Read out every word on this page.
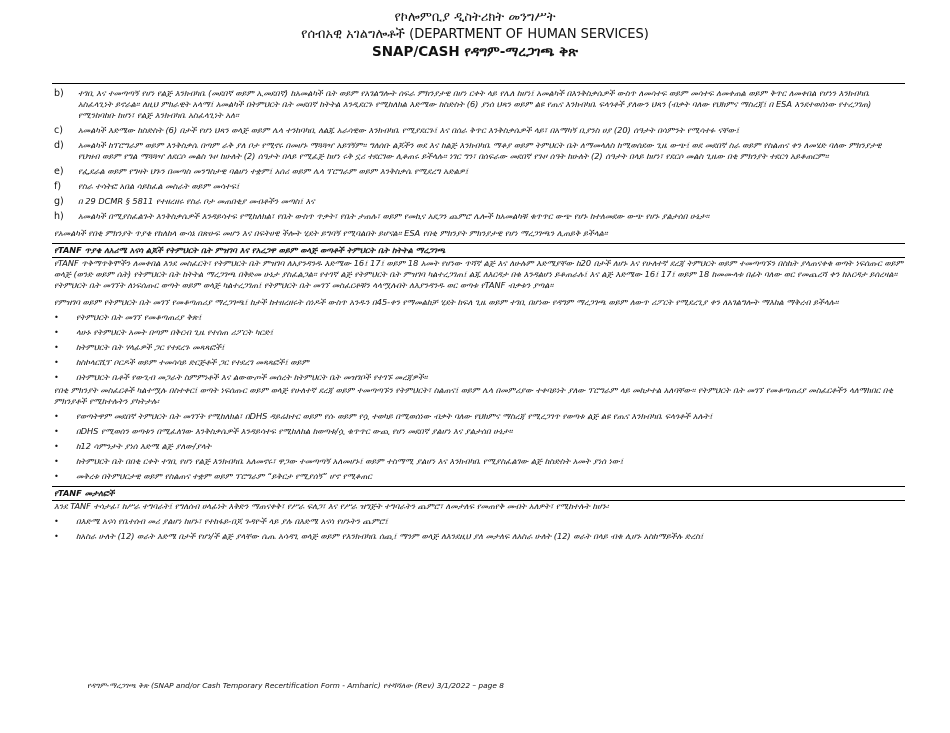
የኮሎምቢያ ዲስትሪክት መንግሥት
የሰብአዊ አገልግሎቶች (DEPARTMENT OF HUMAN SERVICES)
SNAP/CASH የዳግም-ማረጋገጫ ቅጽ
b)	ተገቢ እና ተመጣጣኝ የሆነ የልጅ እንክብካቤ (መደበኛ ወይም ኢመደበኛ) ከአመልካች ቤት ወይም የአገልግሎት ሰፍራ ምክንያታዊ በሆነ ርቀት ላይ የሌለ ከሆነ፤ አመልካች በእንቅስቃሴዎች ውስጥ ለመሳተፍ ወይም መሳተፍ ለመቀጠል ወይም ቅጥር ለመቀበል የሆነን እንክብካቤ አስፈላጊነት ይኖራል። ለዚህ ምክራዊት አላማ፤ አመልካች በትምህርት ቤት መደበኛ ከትትል እንዲደርጉ የሚከለክል እድሜው ከስድስት (6) ያነሰ ህጻን ወይም ልዩ የጤና እንክብካቤ ፍላጎቶች ያለውን ህጻን (ብቃት ባለው የህክምና ማስረጃ፤ በ ESA እንደተወሰነው የተረጋገጠ) የሚንከባከቡ ከሆነ፣ የልጅ እንክብካቤ አስፈላጊነት አለ።
c)	አመልካች እድሜው ከስድስት (6) በታች የሆነ ህጻን ወላጅ ወይም ሌላ ተንከባካቢ ለልጁ አራሳዊው እንክብካቤ የሚያደርጉ፤ እና በሰራ ቅጥር እንቅስቃሴዎች ላይ፣ በአማካኝ ቢያንስ ሀያ (20) ሰዓታት በሳምንት የሚሳተፉ ናቸው፤
d)	አመልካች ከፕሮግራም ወይም እንቅስቃሴ በጣም ራቅ ያለ ቦታ የሚኖሩ በመሆኑ ማጓጓዣ አይገኝም። ግለሰቡ ልጆችን ወደ እና ከልጅ እንክብካቤ ማቆያ ወይም ትምህርት ቤት ለማመላለስ ከሚወሰደው ጊዜ ውጭ፤ ወደ መደበኛ ስራ ወይም የስልጠና ቀን ለመሄድ ባለው ምክንያታዊ የህዝብ ወይም የግል ማጓጓዣ ለደርሶ መልስ ጉዞ ከሁለት (2) ሰዓታት በላይ የሚፈጅ ከሆነ ሩቅ ኗሪ ተደርገው ሊቆጠሩ ይችላሉ። ነገር ግን፣ በሰፍራው መደበኛ የጉዞ ሰዓት ከሁለት (2) ሰዓታት በላይ ከሆነ፣ የደርሶ መልስ ጊዜው በቂ ምክንያት ተደርጎ አይቆጠርም።
e)	የፌደራል ወይም የግዛት ህጉን በመጣስ መንግስታዊ ባልሆነ ተቋም፤ አሰሪ ወይም ሌላ ፕሮግራም ወይም እንቅስቃሴ የሚደረግ አድልዎ፤
f)	የስራ ተሳትፎ አበል ሳይከፈል መስራት ወይም መሳተፍ፤
g)	በ 29 DCMR § 5811 የተዘረዘሩ የስራ ቦታ መጠበቂያ መብቶችን መጣስ፤ እና
h)	አመልካች በሚያስፈልጉት እንቅስቃሴዎች እንዳይሳተፍ የሚከለክል፣ የቤት ውስጥ ጥቃት፣ የቤት ታጠሉ፣ ወይም የመኪና አደጋን ጨምሮ ሌሎች ከአመልካቹ ቁጥጥር ውጭ የሆኑ ከተለመደው ውጭ የሆኑ ያልታሰበ ሁኔታ።
የአመልካች የበቂ ምክንያት ጥያቄ የከለከላ ውሳኔ በጽሁፍ መሆን እና በፍትሀዊ ችሎት ሂደት ይግባኝ የሚባልበት ይሆናል። ESA የበቂ ምክንያት ምክንያታዊ የሆነ ማረጋገጫን ሊጠይቅ ይችላል።
የTANF ጥያቄ ለአሪሜ አናሳ ልጆች የትምህርት ቤት ምዝገባ እና የአረጋዋ ወይም ወላጅ ወጣቶች ትምህርት ቤት ከትትል ማረጋገጫ
የTANF ጥቅማጥቅሞችን ለመቀበል እንደ መስፈርት፣ የትምህርት ቤት ምዝገባ ለአያንዳንዱ እድሜው 16፤ 17፤ ወይም 18 አመት የሆነው ጥሻኛ ልጅ እና ለሁሉም እድሜያቸው ከ20 በታች ለሆኑ እና የሁለተኛ ደረጃ ትምህርት ወይም ተመጣጣኙን በስኬት ያላጠናቀቁ ወጣት ነፍሰጡር ወይም ወላጅ (ወንድ ወይም ሴት) የትምህርት ቤት ከትትል ማረጋገጫ በቅድመ ሁኔታ ያስፈልጋል። የተገኛ ልጅ የትምህርት ቤት ምዝገባ ካልተረጋገጠ፤ ልጁ ለእርዳታ በቁ እንዳልሆነ ይቆጠራሉ፤ እና ልጅ እድሜው 16፤ 17፤ ወይም 18 ከመሙላቱ በፊት ባለው ወር የመጨረሻ ቀን ከአርዳታ ይሰረዛል። የትምህርት ቤት መገኘት ለነፍሰጡር ወጣት ወይም ወላጅ ካልተረጋገጠ፤ የትምህርት ቤት መገኘ መስፈርቶቹን ላላሟሉበት ለእያንዳንዱ ወር ወጣቱ የTANF ብቃቱን ያጣል።
የምዝገባ ወይም የትምህርት ቤት መገኘ የመቆጣጠሪያ ማረጋገጫ፤ ከታች ከተዘረዘሩት ሰነዶች ውስጥ አንዱን በ45-ቀን የማመልከቻ ሂደት ከፍለ ጊዜ ወይም ተገቢ በሆነው የዳግም ማረጋገጫ ወይም ለውጥ ሪፖርት የሚደረጊያ ቀን ለአገልግሎት ማእከል ማቅረብ ይችላሉ።
•	የትምህርት ቤት መገኘ የመቆጣጠሪያ ቅጽ፤
•	ላሁኑ የትምህርት አመት በጣም በቅርብ ጊዜ የተሰጠ ሪፖርት ካርድ፤
•	ከትምህርት ቤት ሃላፊዎች ጋር የተደረጉ መጻጻፎች፤
•	ከስኮላርሺፕ ቦርዶች ወይም ተመሳሳይ ድርጅቶች ጋር የተደረገ መጻጻፎች፤ ወይም
•	በትምህርት ቤቶች የውጊብ መጋራት ስምምነቶች እና ልውውጦች መሰረት ከትምህርት ቤት መዝገቦች የተገኙ መረጃዎች።
የበቂ ምክንያት መስፈርቶች ካልተሟሉ በስተቀር፤ ወጣት ነፍሰጡር ወይም ወላጅ የሁለተኛ ደረጃ ወይም ተመጣጣኙን የትምህርት፣ ስልጠና፤ ወይም ሌላ በመምሪያው ተቀባይነት ያለው ፕሮግራም ላይ መከታተል አለባቸው። የትምህርት ቤት መገኘ የመቆጣጠሪያ መስፈርቶችን ላለማክበር በቂ ምክንያቶች የሚከተሉትን ያካትታሉ፡
•	የወጣትዋም መደበኛ ትምህርት ቤት መገኘት የሚከለክል፣ በDHS ዳይሬክተር ወይም የሱ ወይም የሷ ተወካይ በሚወሰነው ብቃት ባለው የህክምና ማስረጃ የሚረጋገጥ የወጣቱ ልጅ ልዩ የጤና እንክብካቤ ፍላጎቶች አሉት፤
•	በDHS የሚወሰን ወጣቱን በሚፈለገው እንቅስቃሴዎች እንዳይሳተፍ የሚከለከል ከወጣቱ/ሷ ቁጥጥር ውጪ የሆነ መደበኛ ያልሆነ እና ያልታሰበ ሁኔታ።
•	ከ12 ሳምንታት ያነሰ እድሜ ልጅ ያለው/ያላት
•	ከትምህርት ቤት በበቂ ርቀት ተገቢ የሆነ የልጅ እንክብካቤ አለመኖሩ፣ ዋጋው ተመጣጣኝ አለመሆኑ፤ ወይም ተስማሚ ያልሆነ እና እንክብካቤ የሚያስፈልገው ልጅ ከስድስት አመት ያነሰ ነው፤
•	መቅረቱ በትምህርታዊ ወይም የስልጠና ተቋም ወይም ፕሮግራም “ይቅርታ የሚያሰኝ” ሆኖ የሚቆጠር
የTANF መታለፎች
እንደ TANF ተሳታፊ፣ ከሥራ ተግባራት፤ የግለሰብ ሀላፊነት እቅድን ማጠናቀቅ፣ የሥራ ፍለጋ፣ እና የሥራ ዝግጅት ተግባራትን ጨምሮ፣ ለመታለፍ የመጠየቅ መብት አለዎት፣ የሚከተሉት ከሆኑ፡
•	በእድሜ አናሳ የቤተሰብ መሪ ያልሆነ ከሆኑ፣ የተከፋይ-በጆ ጉዳዮች ላይ ያሉ በእድሜ አናሳ የሆኑትን ጨምሮ፤
•	ከአስራ ሁለት (12) ወራት እድሜ በታች የሆነ/ች ልጅ ያላቸው ሴጤ አሳዳጊ ወላጅ ወይም የእንክብካቤ ሰጪ፤ ማንም ወላጅ ለእንደዚህ ያለ መታለፍ ለአስራ ሁለት (12) ወራት በላይ ብቁ ሊሆኑ አስከማይችሉ ድረስ፤
የዳግም-ማረጋገጫ ቅጽ (SNAP and/or Cash Temporary Recertification Form - Amharic) የተሻሻለው (Rev) 3/1/2022 – page 8
